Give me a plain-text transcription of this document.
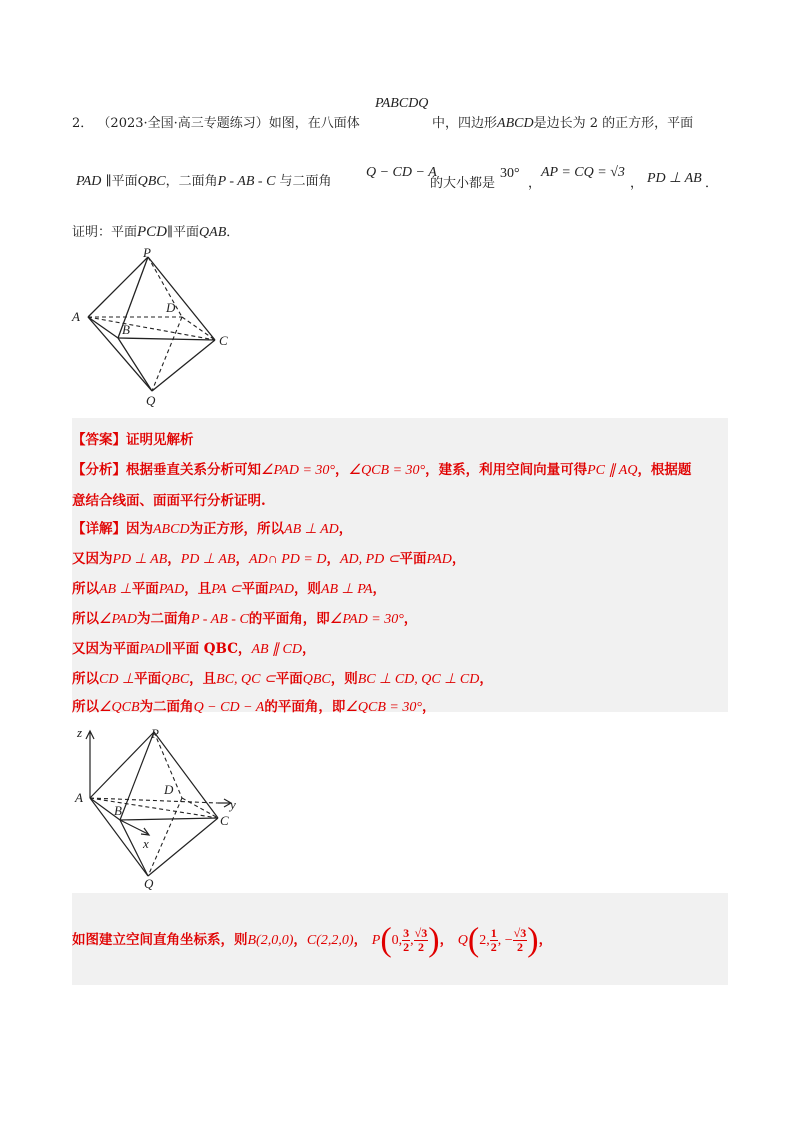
2． （2023·全国·高三专题练习）如图，在八面体
PABCDQ
中，四边形ABCD是边长为 2 的正方形，平面
PAD ∥平面QBC，二面角P - AB - C 与二面角
Q − CD − A
的大小都是
30°
，
AP = CQ = √3
， PD ⊥ AB ．
证明：平面PCD∥平面QAB．
P
A
B
D
C
Q
【答案】证明见解析
【分析】根据垂直关系分析可知∠PAD = 30°，∠QCB = 30°，建系，利用空间向量可得PC ∥ AQ，根据题
意结合线面、面面平行分析证明.
【详解】因为ABCD为正方形，所以AB ⊥ AD，
又因为PD ⊥ AB，PD ⊥ AB，AD∩ PD = D，AD, PD ⊂平面PAD，
所以AB ⊥平面PAD，且PA ⊂平面PAD，则AB ⊥ PA，
所以∠PAD为二面角P - AB - C的平面角，即∠PAD = 30°，
又因为平面PAD∥平面 QBC，AB ∥ CD，
所以CD ⊥平面QBC，且BC, QC ⊂平面QBC，则BC ⊥ CD, QC ⊥ CD，
所以∠QCB为二面角Q − CD − A的平面角，即∠QCB = 30°，
z
y
x
P
A
B
D
C
Q
如图建立空间直角坐标系，则B(2,0,0)，C(2,2,0)， P(0, $\frac{3}{2}$ , $\frac{√3}{2}$ )， Q(2, $\frac{1}{2}$ , − $\frac{√3}{2}$ )，
